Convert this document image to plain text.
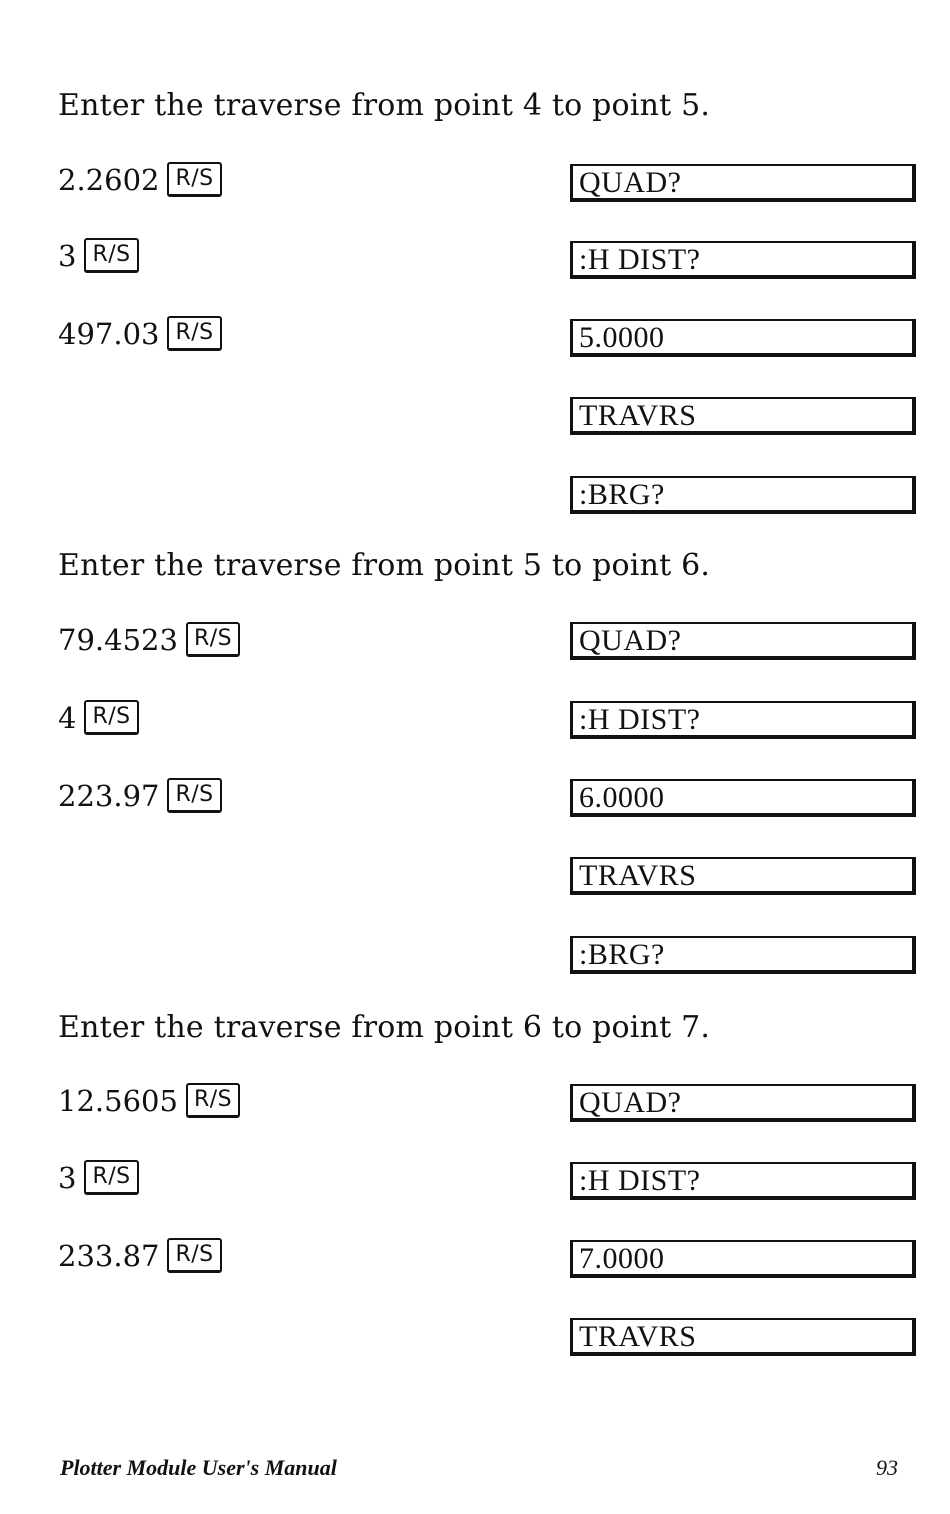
Enter the traverse from point 4 to point 5.
2.2602 R/S
3 R/S
497.03 R/S
QUAD?
:H DIST?
5.0000
TRAVRS
:BRG?
Enter the traverse from point 5 to point 6.
79.4523 R/S
4 R/S
223.97 R/S
QUAD?
:H DIST?
6.0000
TRAVRS
:BRG?
Enter the traverse from point 6 to point 7.
12.5605 R/S
3 R/S
233.87 R/S
QUAD?
:H DIST?
7.0000
TRAVRS
Plotter Module User's Manual	93
